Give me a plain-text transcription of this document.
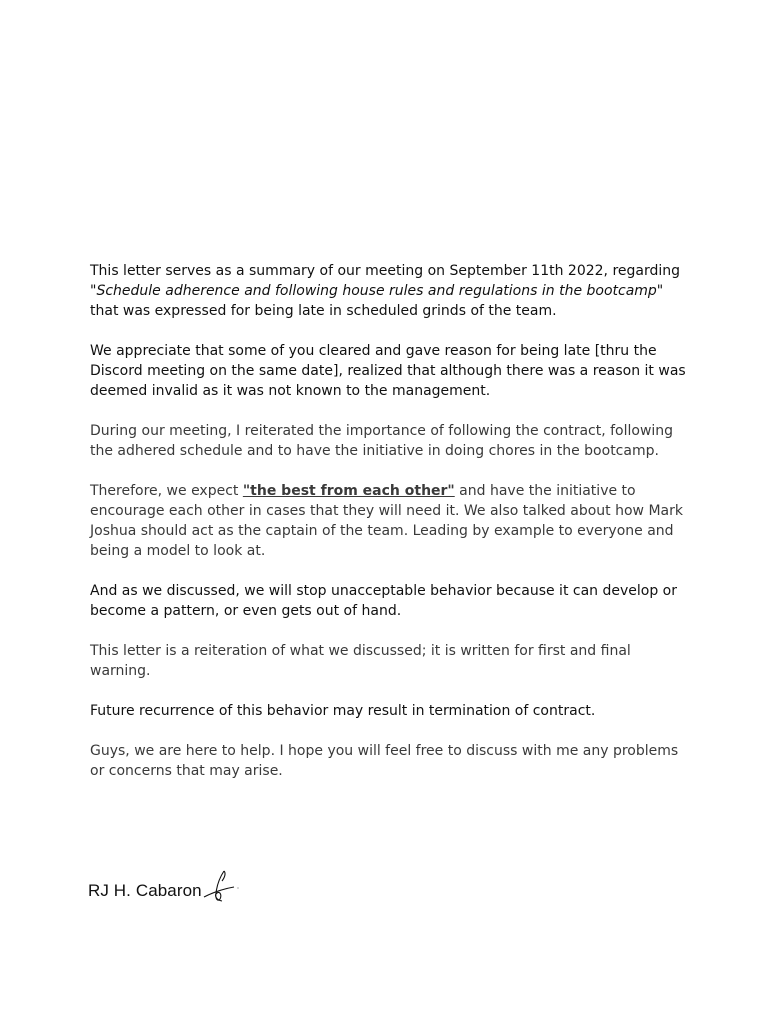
This letter serves as a summary of our meeting on September 11th 2022, regarding "Schedule adherence and following house rules and regulations in the bootcamp" that was expressed for being late in scheduled grinds of the team.

We appreciate that some of you cleared and gave reason for being late [thru the Discord meeting on the same date], realized that although there was a reason it was deemed invalid as it was not known to the management.

During our meeting, I reiterated the importance of following the contract, following the adhered schedule and to have the initiative in doing chores in the bootcamp.

Therefore, we expect "the best from each other" and have the initiative to encourage each other in cases that they will need it. We also talked about how Mark Joshua should act as the captain of the team. Leading by example to everyone and being a model to look at.

And as we discussed, we will stop unacceptable behavior because it can develop or become a pattern, or even gets out of hand.

This letter is a reiteration of what we discussed; it is written for first and final warning.

Future recurrence of this behavior may result in termination of contract.

Guys, we are here to help. I hope you will feel free to discuss with me any problems or concerns that may arise.

RJ H. Cabaron
